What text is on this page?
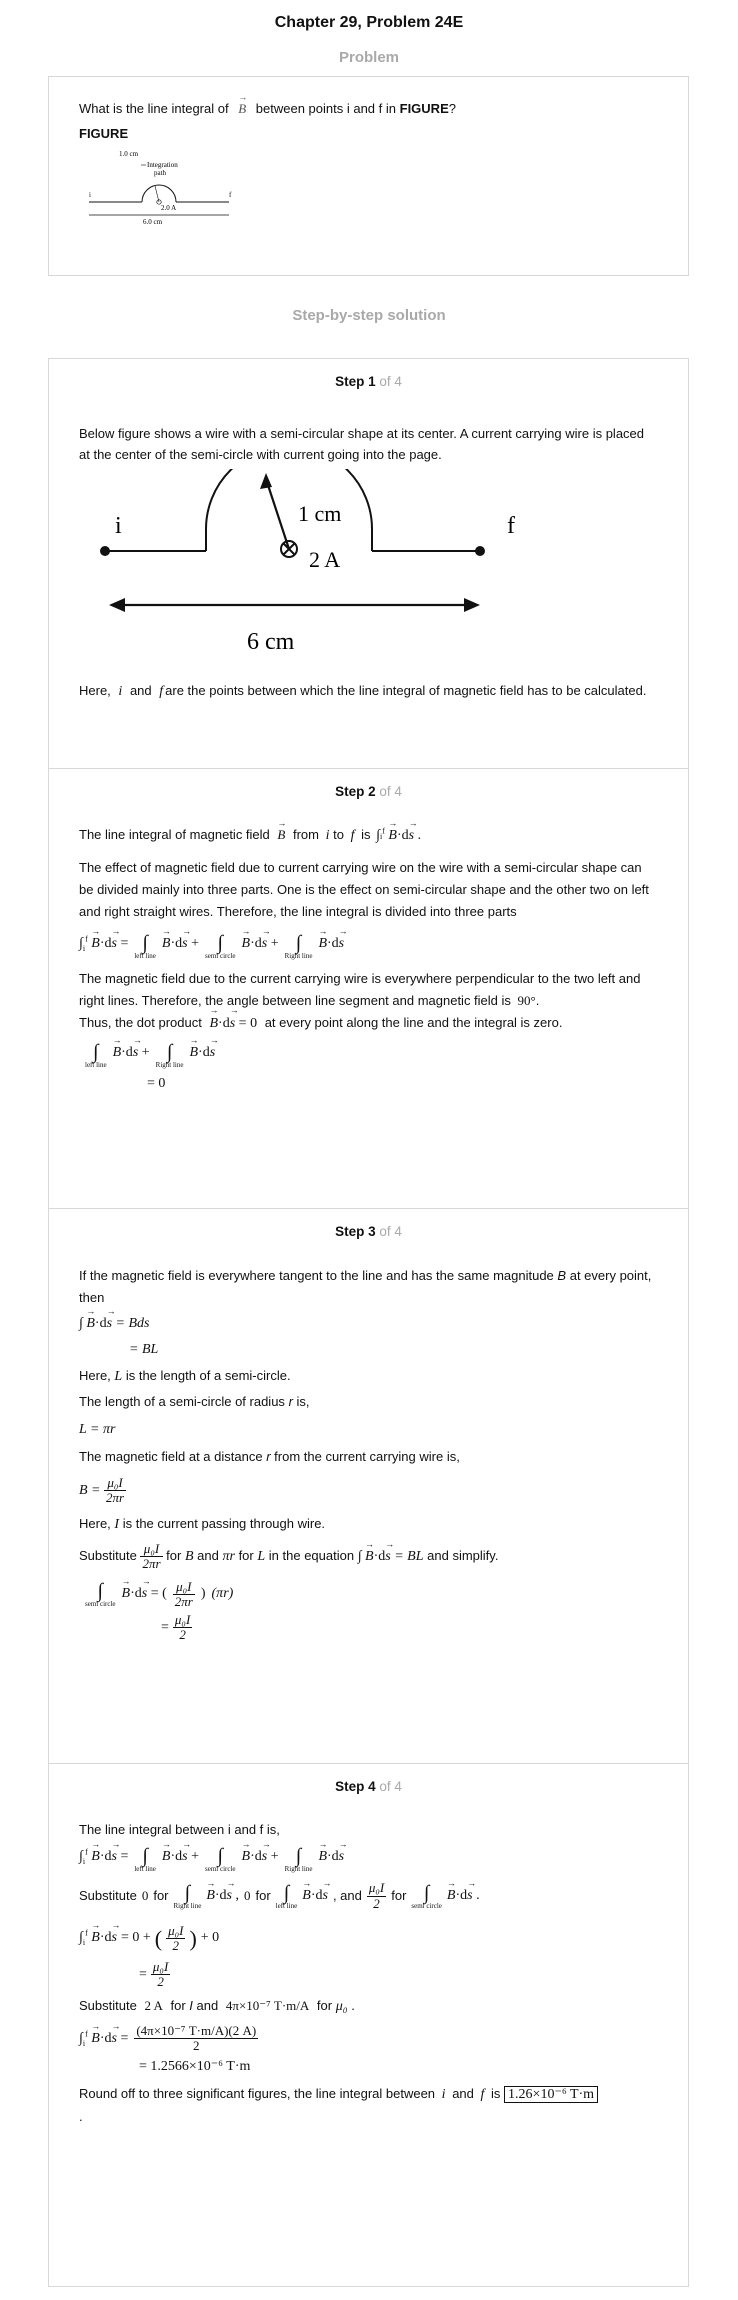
Chapter 29, Problem 24E
Problem

What is the line integral of → B between points i and f in FIGURE?

FIGURE

1.0 cm
Integration
path
i	f
2.0 A
6.0 cm
Step-by-step solution
Step 1 of 4

Below figure shows a wire with a semi-circular shape at its center. A current carrying wire is placed at the center of the semi-circle with current going into the page.

i	f
1 cm
2 A
6 cm

Here, i and f are the points between which the line integral of magnetic field has to be calculated.

Step 2 of 4

The line integral of magnetic field → B from i to f is $\int i^f \to B\cdot d\to s$ .

The effect of magnetic field due to current carrying wire on the wire with a semi-circular shape can be divided mainly into three parts. One is the effect on semi-circular shape and the other two on left and right straight wires. Therefore, the line integral is divided into three parts

$\int_i^f \to B\cdot d\to s$ = ∫
left line
→ B·d→ s + ∫
semi circle
→ B·d→ s + ∫
Right line
→ B·d→ s

The magnetic field due to the current carrying wire is everywhere perpendicular to the two left and right lines. Therefore, the angle between line segment and magnetic field is 90°.
Thus, the dot product → B·d→ s = 0 at every point along the line and the integral is zero.

∫
left line
→ B·d→ s + ∫
Right line
→ B·d→ s
= 0
Step 3 of 4

If the magnetic field is everywhere tangent to the line and has the same magnitude B at every point, then

∫ → B·d→ s = Bds
= BL

Here, L is the length of a semi-circle.

The length of a semi-circle of radius r is,

L = πr

The magnetic field at a distance r from the current carrying wire is,

$B = \frac{\text{μ₀I}}{2\pi r}$

Here, I is the current passing through wire.

Substitute $\frac{\text{μ₀I}}{2\pi r}$ for B and πr for L in the equation ∫ → B·d→ s = BL and simplify.

∫
semi circle
→ B·d→ s = ( $\frac{\text{μ₀I}}{2\pi r}$ ) (πr)
= $\frac{\text{μ₀I}}{2}$
Step 4 of 4

The line integral between i and f is,

$\int_i^f \to B\cdot d\to s$ = ∫
left line
→ B·d→ s + ∫
semi circle
→ B·d→ s + ∫
Right line
→ B·d→ s
Substitute 0 for ∫
Right line
→ B·d→ s , 0 for ∫
left line
→ B·d→ s , and $\frac{\text{μ₀I}}{2}$ for ∫
semi circle
→ B·d→ s .
$\int_i^f \to B\cdot d\to s = 0$ + ( $\frac{\text{μ₀I}}{2}$ ) + 0
= $\frac{\text{μ₀I}}{2}$

Substitute 2 A for I and 4π×10⁻⁷ T·m/A for μ₀ .

$\int_i^f \to B\cdot d\to s = \frac{\text{(4π×10⁻⁷ T·m/A)(2 A)}}{2}$
= 1.2566×10⁻⁶ T·m

Round off to three significant figures, the line integral between i and f is 1.26×10⁻⁶ T·m

.
